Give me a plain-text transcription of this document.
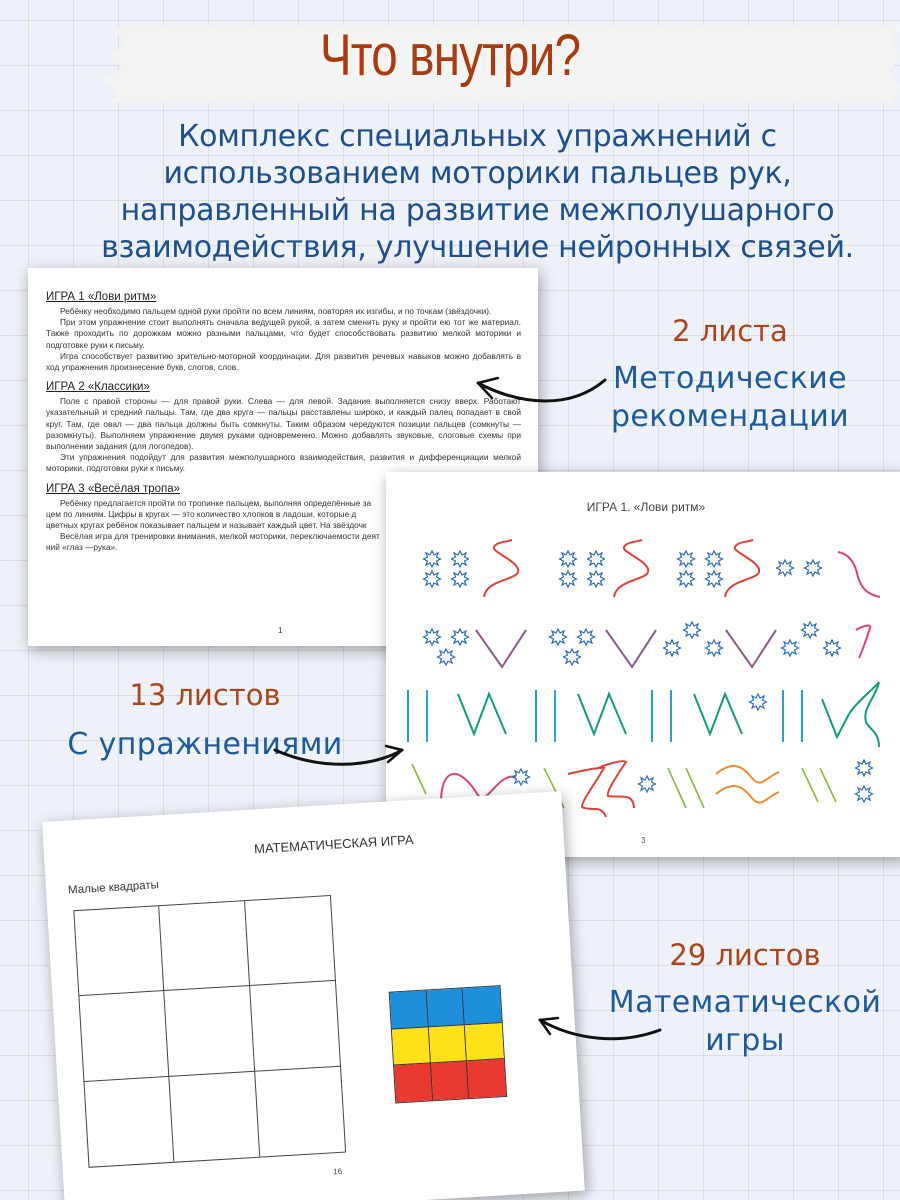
Что внутри?
Комплекс специальных упражнений с
использованием моторики пальцев рук,
направленный на развитие межполушарного
взаимодействия, улучшение нейронных связей.
ИГРА 1 «Лови ритм»
Ребёнку необходимо пальцем одной руки пройти по всем линиям, повторяя их изгибы, и по точкам (звёздочки).
При этом упражнение стоит выполнять сначала ведущей рукой, а затем сменить руку и пройти ею тот же материал. Также проходить по дорожкам можно разными пальцами, что будет способствовать развитию мелкой моторики и подготовке руки к письму.
Игра способствует развитию зрительно-моторной координации. Для развития речевых навыков можно добавлять в ход упражнения произнесение букв, слогов, слов.
ИГРА 2 «Классики»
Поле с правой стороны — для правой руки. Слева — для левой. Задание выполняется снизу вверх. Работают указательный и средний пальцы. Там, где два круга — пальцы расставлены широко, и каждый палец попадает в свой круг. Там, где овал — два пальца должны быть сомкнуты. Таким образом чередуются позиции пальцев (сомкнуты — разомкнуты). Выполняем упражнение двумя руками одновременно. Можно добавлять звуковые, слоговые схемы при выполнении задания (для логопедов).
Эти упражнения подойдут для развития межполушарного взаимодействия, развития и дифференциации мелкой моторики, подготовки руки к письму.
ИГРА 3 «Весёлая тропа»
Ребёнку предлагается пройти по тропинке пальцем, выполняя определённые за
цем по линиям. Цифры в кругах — это количество хлопков в ладоши, которые д
цветных кругах ребёнок показывает пальцем и называет каждый цвет. На звёздочк
Весёлая игра для тренировки внимания, мелкой моторики, переключаемости деят
ний «глаз —рука».
1
ИГРА 1. «Лови ритм»
3
МАТЕМАТИЧЕСКАЯ ИГРА
Малые квадраты
16
2 листа
Методические
рекомендации
13 листов
С упражнениями
29 листов
Математической
игры
